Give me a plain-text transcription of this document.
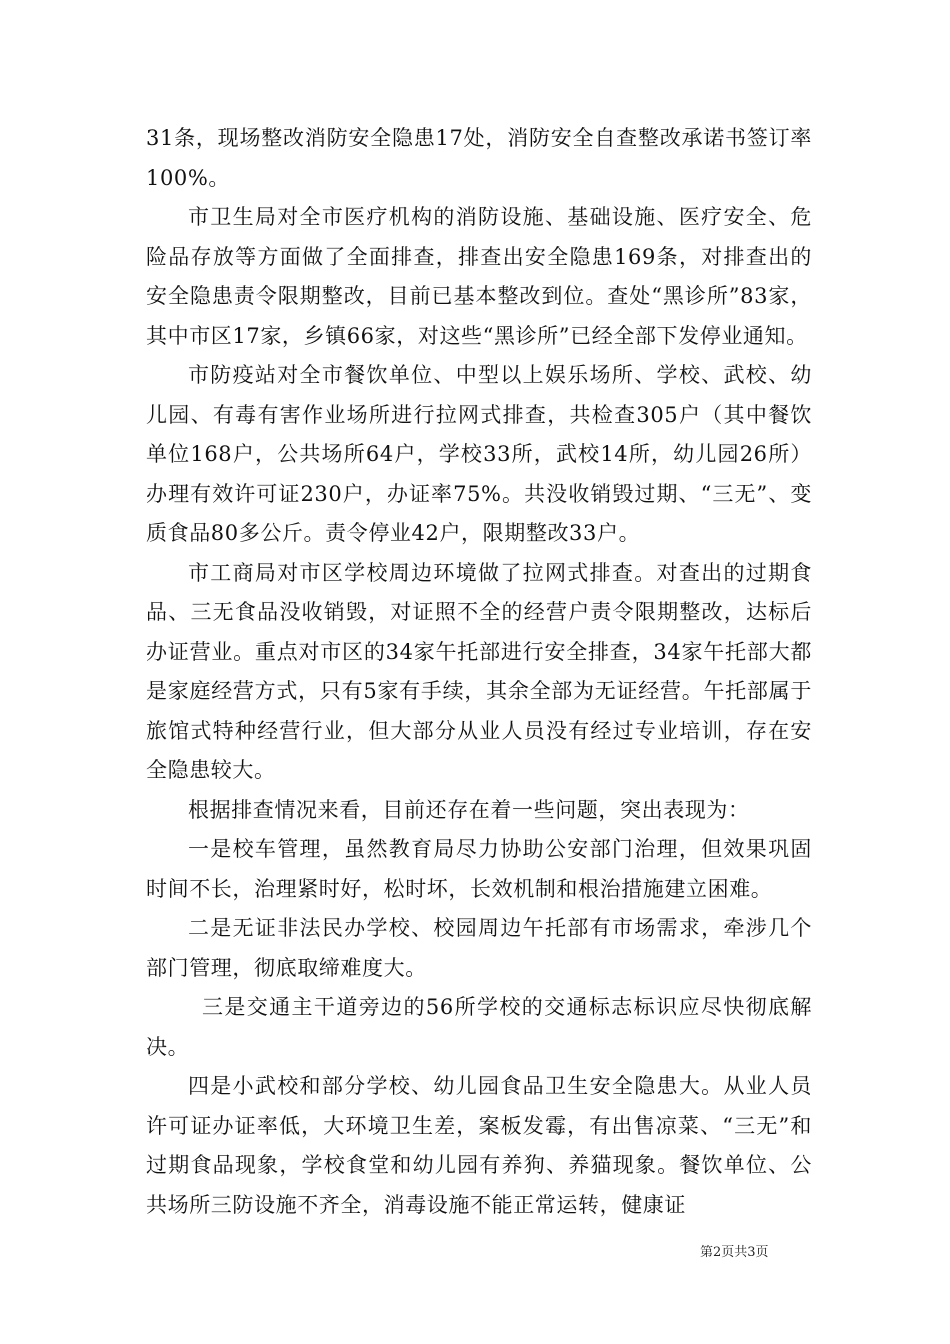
31条，现场整改消防安全隐患17处，消防安全自查整改承诺书签订率100%。

市卫生局对全市医疗机构的消防设施、基础设施、医疗安全、危险品存放等方面做了全面排查，排查出安全隐患169条，对排查出的安全隐患责令限期整改，目前已基本整改到位。查处“黑诊所”83家，其中市区17家，乡镇66家，对这些“黑诊所”已经全部下发停业通知。

市防疫站对全市餐饮单位、中型以上娱乐场所、学校、武校、幼儿园、有毒有害作业场所进行拉网式排查，共检查305户（其中餐饮单位168户，公共场所64户，学校33所，武校14所，幼儿园26所）办理有效许可证230户，办证率75%。共没收销毁过期、“三无”、变质食品80多公斤。责令停业42户，限期整改33户。

市工商局对市区学校周边环境做了拉网式排查。对查出的过期食品、三无食品没收销毁，对证照不全的经营户责令限期整改，达标后办证营业。重点对市区的34家午托部进行安全排查，34家午托部大都是家庭经营方式，只有5家有手续，其余全部为无证经营。午托部属于旅馆式特种经营行业，但大部分从业人员没有经过专业培训，存在安全隐患较大。

根据排查情况来看，目前还存在着一些问题，突出表现为：

一是校车管理，虽然教育局尽力协助公安部门治理，但效果巩固时间不长，治理紧时好，松时坏，长效机制和根治措施建立困难。

二是无证非法民办学校、校园周边午托部有市场需求，牵涉几个部门管理，彻底取缔难度大。

三是交通主干道旁边的56所学校的交通标志标识应尽快彻底解决。

四是小武校和部分学校、幼儿园食品卫生安全隐患大。从业人员许可证办证率低，大环境卫生差，案板发霉，有出售凉菜、“三无”和过期食品现象，学校食堂和幼儿园有养狗、养猫现象。餐饮单位、公共场所三防设施不齐全，消毒设施不能正常运转，健康证

第2页共3页
